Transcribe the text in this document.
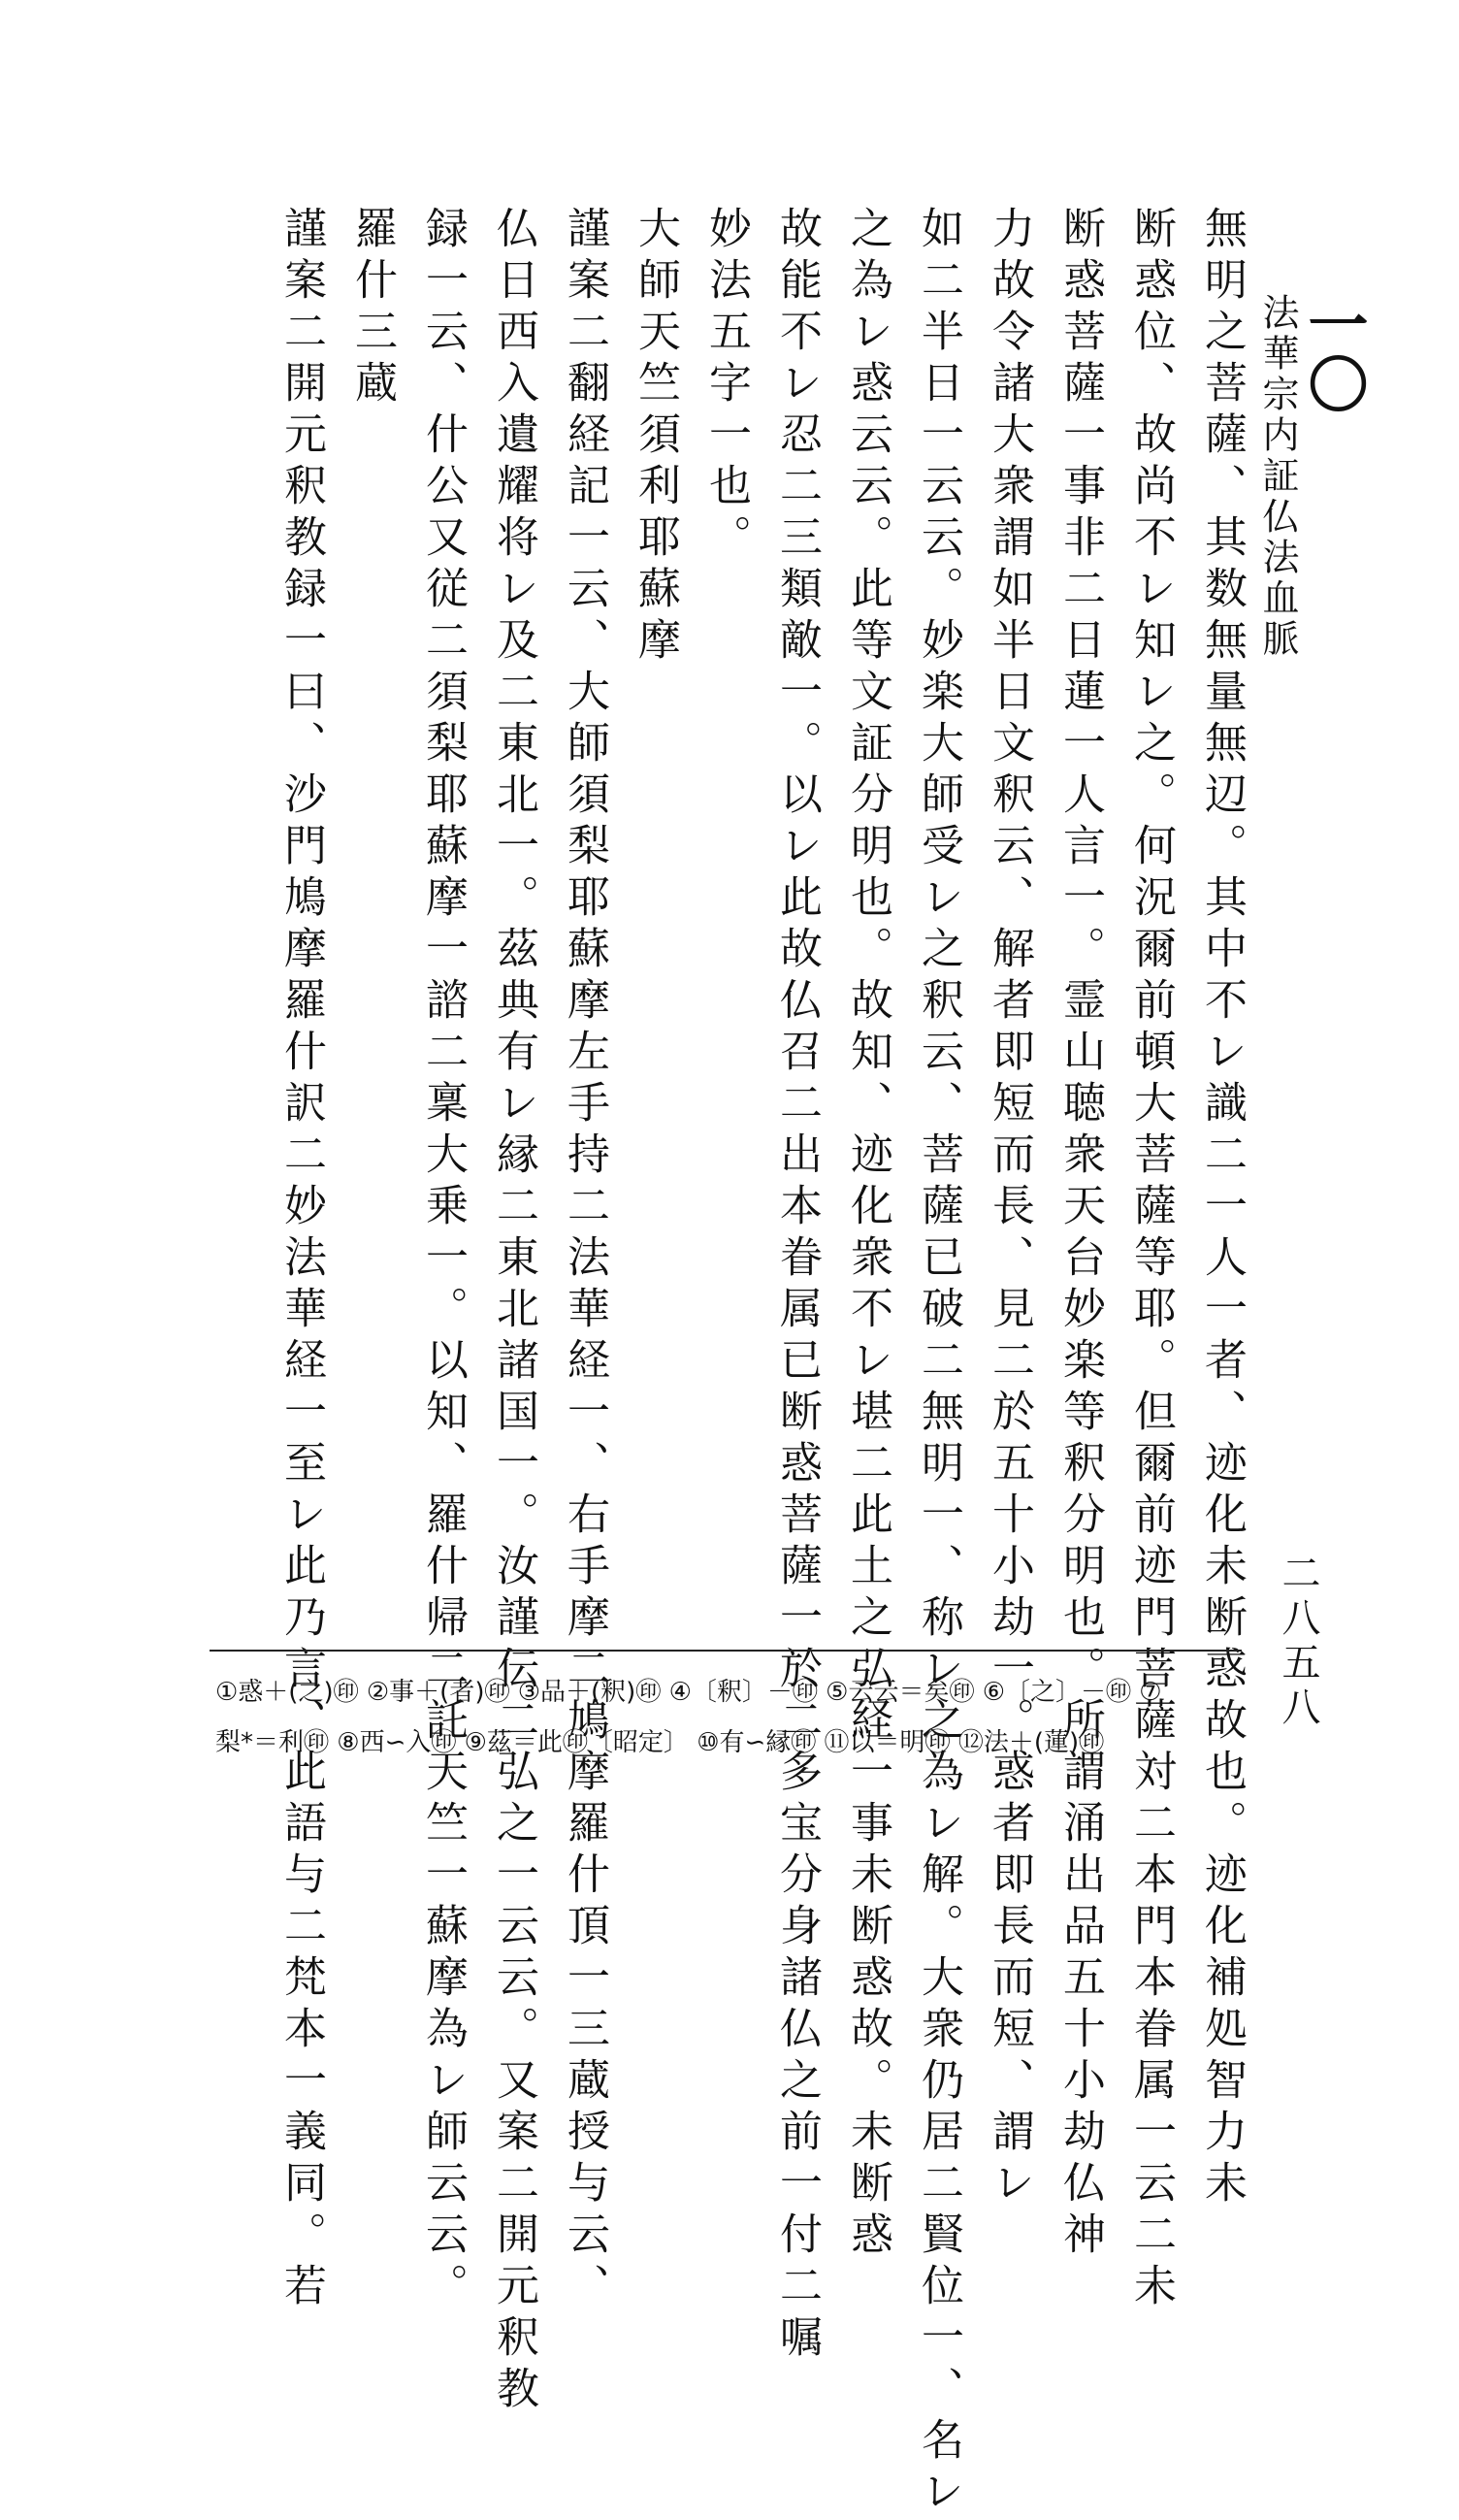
一〇
法華宗内証仏法血脈
二八五八
無明之菩薩、其数無量無辺。其中不レ識二一人一者、迹化未断惑故也。迹化補処智力未
断惑位、故尚不レ知レ之。何況爾前頓大菩薩等耶。但爾前迹門菩薩対二本門本眷属一云二未
断惑菩薩一事非二日蓮一人言一。霊山聴衆天台妙楽等釈分明也。所謂涌出品五十小劫仏神
力故令諸大衆謂如半日文釈云、解者即短而長、見二於五十小劫一。惑者即長而短、謂レ
如二半日一云云。妙楽大師受レ之釈云、菩薩已破二無明一、称レ之為レ解。大衆仍居二賢位一、名レ
之為レ惑云云。此等文証分明也。故知、迹化衆不レ堪二此土之弘経一事未断惑故。未断惑
故能不レ忍二三類敵一。以レ此故仏召二出本眷属已断惑菩薩一於二多宝分身諸仏之前一付二嘱
妙法五字一也。
大師天竺須利耶蘇摩
謹案二翻経記一云、大師須梨耶蘇摩左手持二法華経一、右手摩二鳩摩羅什頂一三蔵授与云、
仏日西入遺耀将レ及二東北一。茲典有レ縁二東北諸国一。汝謹伝二弘之一云云。又案二開元釈教
録一云、什公又従二須梨耶蘇摩一諮二稟大乗一。以知、羅什帰二託天竺一蘇摩為レ師云云。
羅什三蔵
謹案二開元釈教録一曰、沙門鳩摩羅什訳二妙法華経一至レ此乃言、此語与二梵本一義同。若
①惑＋(之)㊞ ②事＋(者)㊞ ③品＋(釈)㊞ ④〔釈〕－㊞ ⑤云云＝矣㊞ ⑥〔之〕－㊞ ⑦
梨*＝利㊞ ⑧西∽入㊞ ⑨茲＝此㊞〔昭定〕 ⑩有∽縁㊞ ⑪以＝明㊞ ⑫法＋(蓮)㊞
